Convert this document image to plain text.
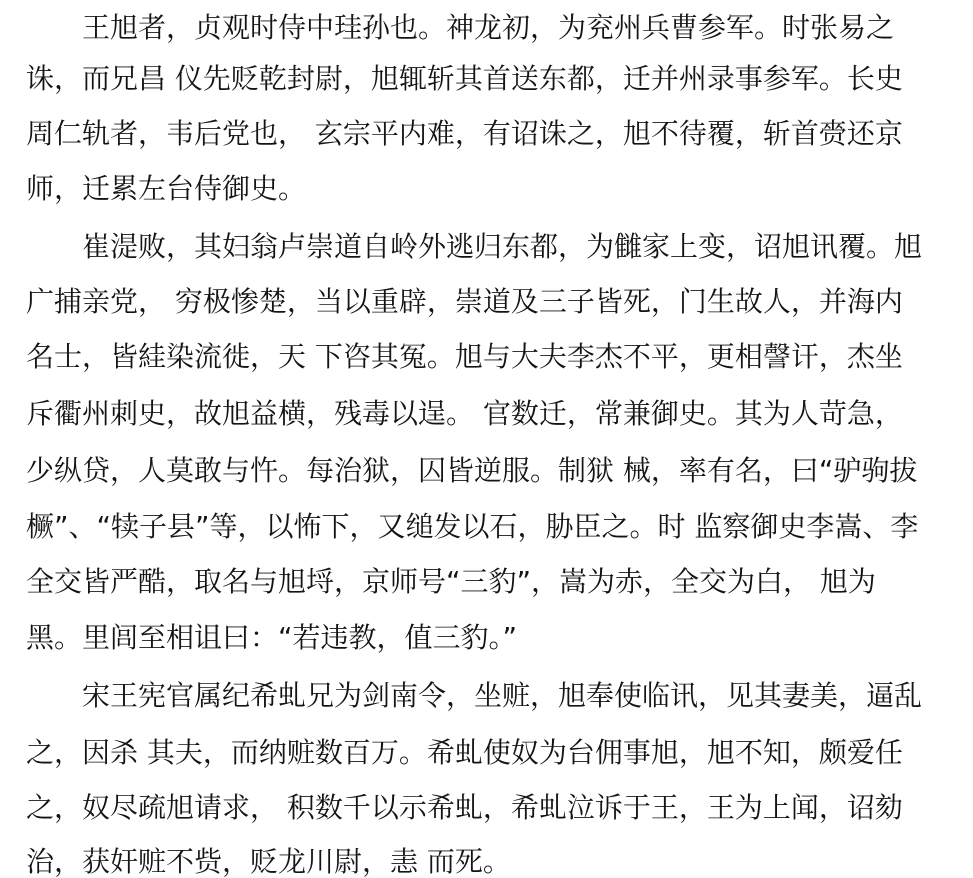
王旭者，贞观时侍中珪孙也。神龙初，为兖州兵曹参军。时张易之
诛，而兄昌 仪先贬乾封尉，旭辄斩其首送东都，迁并州录事参军。长史
周仁轨者，韦后党也， 玄宗平内难，有诏诛之，旭不待覆，斩首赍还京
师，迁累左台侍御史。
崔湜败，其妇翁卢崇道自岭外逃归东都，为雠家上变，诏旭讯覆。旭
广捕亲党， 穷极惨楚，当以重辟，崇道及三子皆死，门生故人，并海内
名士，皆絓染流徙，天 下咨其冤。旭与大夫李杰不平，更相謦讦，杰坐
斥衢州刺史，故旭益横，残毒以逞。 官数迁，常兼御史。其为人苛急，
少纵贷，人莫敢与忤。每治狱，囚皆逆服。制狱 械，率有名，曰“驴驹拔
橛”、“犊子县”等，以怖下，又缒发以石，胁臣之。时 监察御史李嵩、李
全交皆严酷，取名与旭埒，京师号“三豹”，嵩为赤，全交为白， 旭为
黑。里闾至相诅曰：“若违教，值三豹。”
宋王宪官属纪希虬兄为剑南令，坐赃，旭奉使临讯，见其妻美，逼乱
之，因杀 其夫，而纳赃数百万。希虬使奴为台佣事旭，旭不知，颇爱任
之，奴尽疏旭请求， 积数千以示希虬，希虬泣诉于王，王为上闻，诏劾
治，获奸赃不赀，贬龙川尉，恚 而死。
